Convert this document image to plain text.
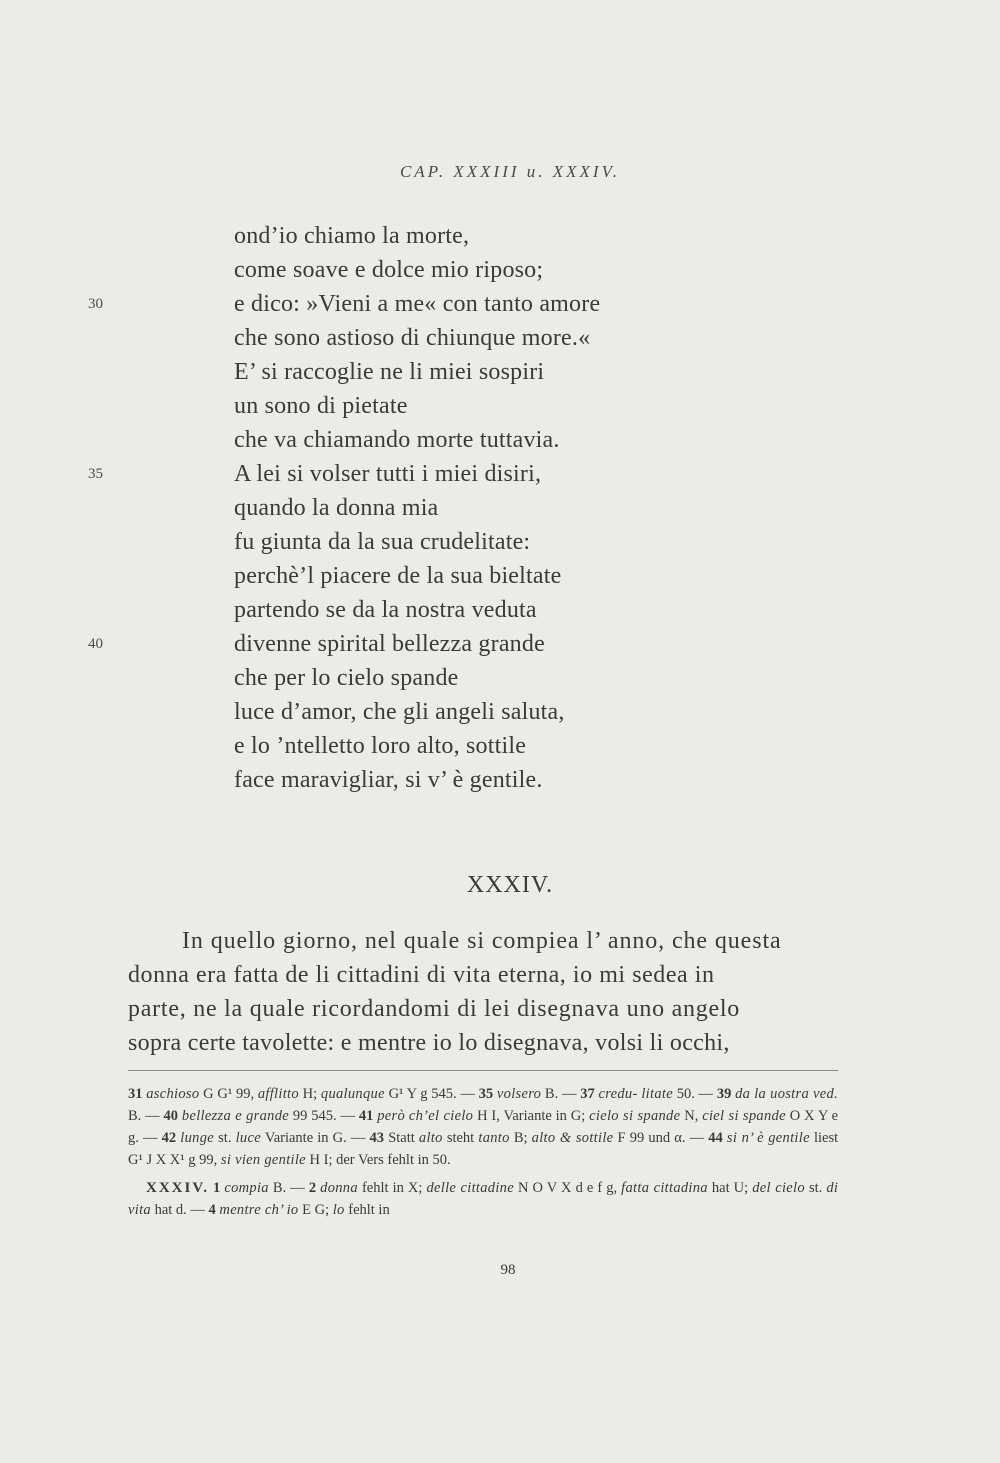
CAP. XXXIII u. XXXIV.
ond’io chiamo la morte,
come soave e dolce mio riposo;
e dico: »Vieni a me« con tanto amore
che sono astioso di chiunque more.«
E’ si raccoglie ne li miei sospiri
un sono di pietate
che va chiamando morte tuttavia.
A lei si volser tutti i miei disiri,
quando la donna mia
fu giunta da la sua crudelitate:
perchè’l piacere de la sua bieltate
partendo se da la nostra veduta
divenne spirital bellezza grande
che per lo cielo spande
luce d’amor, che gli angeli saluta,
e lo ’ntelletto loro alto, sottile
face maravigliar, si v’ è gentile.
30
35
40
XXXIV.
In quello giorno, nel quale si compiea l’ anno, che questa
donna era fatta de li cittadini di vita eterna, io mi sedea in
parte, ne la quale ricordandomi di lei disegnava uno angelo
sopra certe tavolette: e mentre io lo disegnava, volsi li occhi,

31 aschioso G G¹ 99, afflitto H; qualunque G¹ Y g 545. — 35 volsero B. — 37 credu- litate 50. — 39 da la uostra ved. B. — 40 bellezza e grande 99 545. — 41 però ch’el cielo H I, Variante in G; cielo si spande N, ciel si spande O X Y e g. — 42 lunge st. luce Variante in G. — 43 Statt alto steht tanto B; alto & sottile F 99 und α. — 44 si n’ è gentile liest G¹ J X X¹ g 99, si vien gentile H I; der Vers fehlt in 50.

XXXIV. 1 compia B. — 2 donna fehlt in X; delle cittadine N O V X d e f g, fatta cittadina hat U; del cielo st. di vita hat d. — 4 mentre ch’ io E G; lo fehlt in

98
